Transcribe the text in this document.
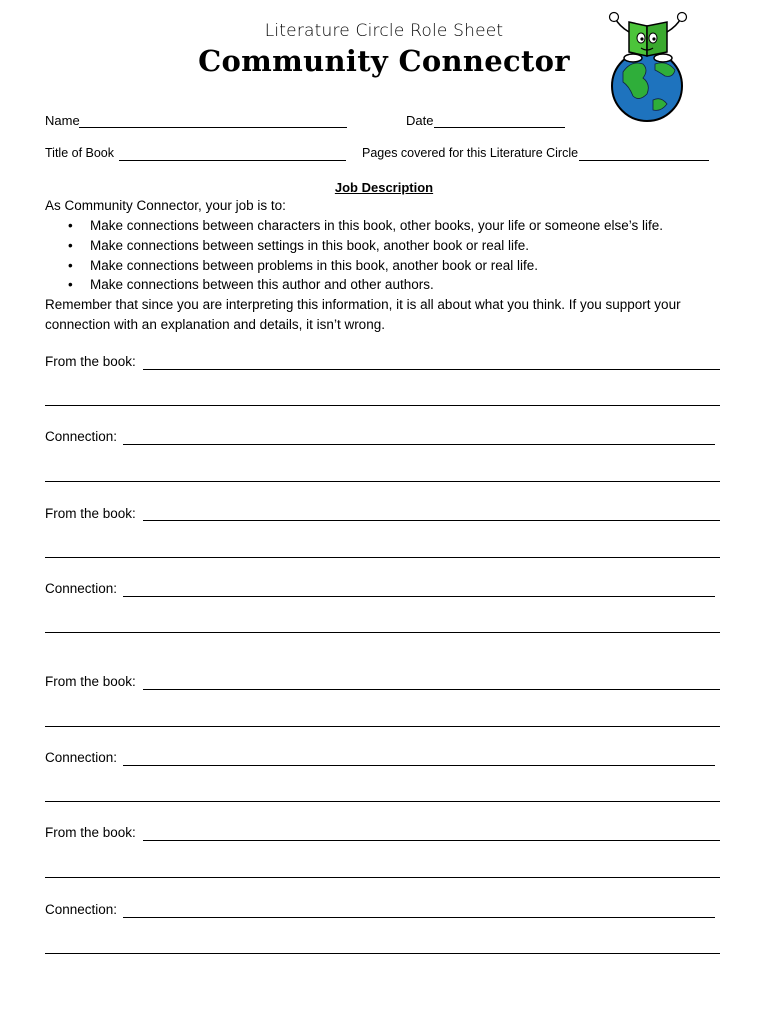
Literature Circle Role Sheet
Community Connector
Name	Date
Title of Book	Pages covered for this Literature Circle
Job Description
As Community Connector, your job is to:
• Make connections between characters in this book, other books, your life or someone else’s life.
• Make connections between settings in this book, another book or real life.
• Make connections between problems in this book, another book or real life.
• Make connections between this author and other authors.
Remember that since you are interpreting this information, it is all about what you think. If you support your connection with an explanation and details, it isn’t wrong.
From the book:
Connection:
From the book:
Connection:
From the book:
Connection:
From the book:
Connection:
